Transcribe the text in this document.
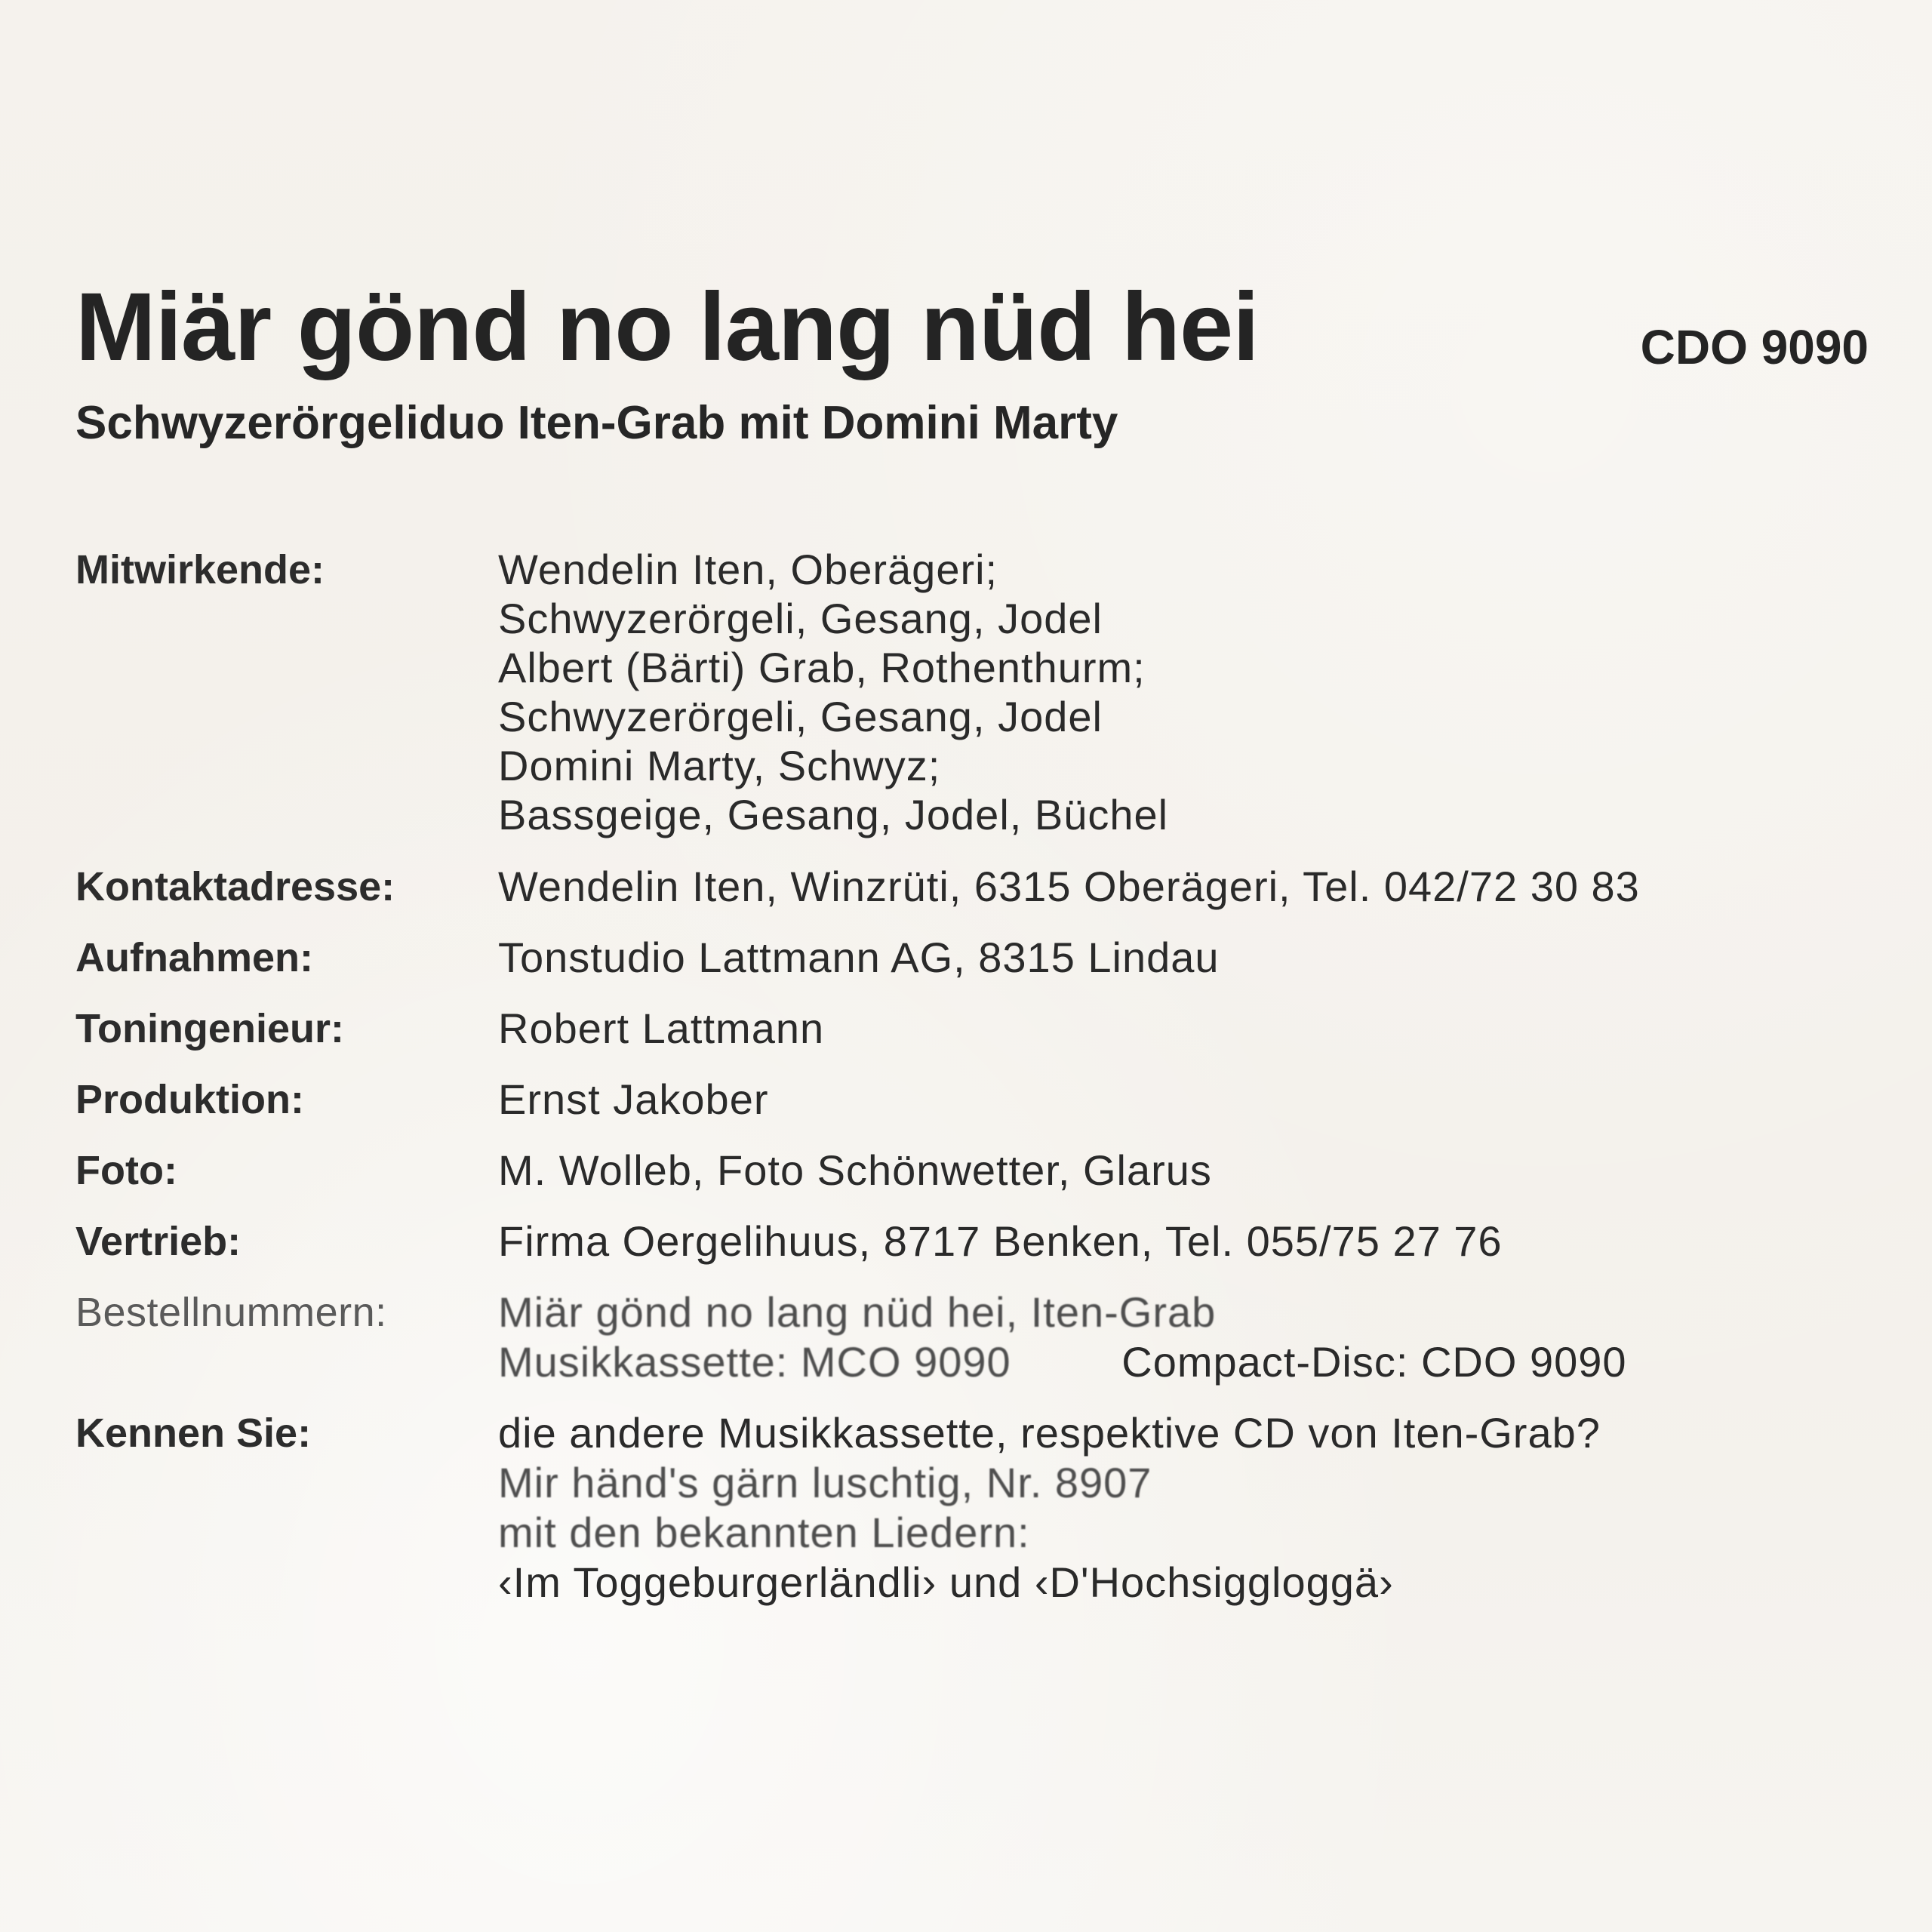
Miär gönd no lang nüd hei	CDO 9090
Schwyzerörgeliduo Iten-Grab mit Domini Marty
Mitwirkende:	Wendelin Iten, Oberägeri;
Schwyzerörgeli, Gesang, Jodel
Albert (Bärti) Grab, Rothenthurm;
Schwyzerörgeli, Gesang, Jodel
Domini Marty, Schwyz;
Bassgeige, Gesang, Jodel, Büchel
Kontaktadresse:	Wendelin Iten, Winzrüti, 6315 Oberägeri, Tel. 042/72 30 83
Aufnahmen:	Tonstudio Lattmann AG, 8315 Lindau
Toningenieur:	Robert Lattmann
Produktion:	Ernst Jakober
Foto:	M. Wolleb, Foto Schönwetter, Glarus
Vertrieb:	Firma Oergelihuus, 8717 Benken, Tel. 055/75 27 76
Bestellnummern:	Miär gönd no lang nüd hei, Iten-Grab
Musikkassette: MCO 9090	Compact-Disc: CDO 9090
Kennen Sie:	die andere Musikkassette, respektive CD von Iten-Grab?
Mir händ's gärn luschtig, Nr. 8907
mit den bekannten Liedern:
‹Im Toggeburgerländli› und ‹D'Hochsiggloggä›
